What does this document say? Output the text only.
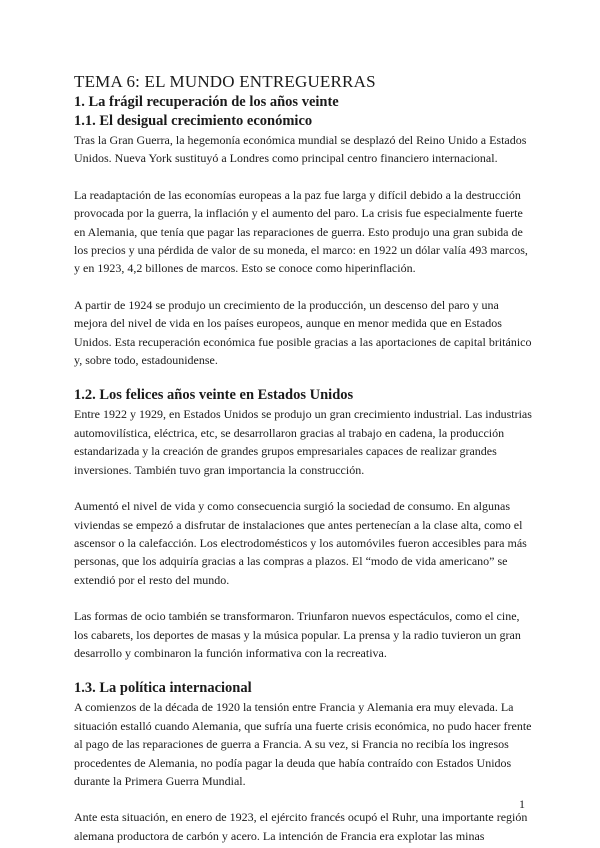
TEMA 6: EL MUNDO ENTREGUERRAS
1. La frágil recuperación de los años veinte
1.1. El desigual crecimiento económico

Tras la Gran Guerra, la hegemonía económica mundial se desplazó del Reino Unido a Estados Unidos. Nueva York sustituyó a Londres como principal centro financiero internacional.

La readaptación de las economías europeas a la paz fue larga y difícil debido a la destrucción provocada por la guerra, la inflación y el aumento del paro. La crisis fue especialmente fuerte en Alemania, que tenía que pagar las reparaciones de guerra. Esto produjo una gran subida de los precios y una pérdida de valor de su moneda, el marco: en 1922 un dólar valía 493 marcos, y en 1923, 4,2 billones de marcos. Esto se conoce como hiperinflación.

A partir de 1924 se produjo un crecimiento de la producción, un descenso del paro y una mejora del nivel de vida en los países europeos, aunque en menor medida que en Estados Unidos. Esta recuperación económica fue posible gracias a las aportaciones de capital británico y, sobre todo, estadounidense.

1.2. Los felices años veinte en Estados Unidos

Entre 1922 y 1929, en Estados Unidos se produjo un gran crecimiento industrial. Las industrias automovilística, eléctrica, etc, se desarrollaron gracias al trabajo en cadena, la producción estandarizada y la creación de grandes grupos empresariales capaces de realizar grandes inversiones. También tuvo gran importancia la construcción.

Aumentó el nivel de vida y como consecuencia surgió la sociedad de consumo. En algunas viviendas se empezó a disfrutar de instalaciones que antes pertenecían a la clase alta, como el ascensor o la calefacción. Los electrodomésticos y los automóviles fueron accesibles para más personas, que los adquiría gracias a las compras a plazos. El “modo de vida americano” se extendió por el resto del mundo.

Las formas de ocio también se transformaron. Triunfaron nuevos espectáculos, como el cine, los cabarets, los deportes de masas y la música popular. La prensa y la radio tuvieron un gran desarrollo y combinaron la función informativa con la recreativa.

1.3. La política internacional

A comienzos de la década de 1920 la tensión entre Francia y Alemania era muy elevada. La situación estalló cuando Alemania, que sufría una fuerte crisis económica, no pudo hacer frente al pago de las reparaciones de guerra a Francia. A su vez, si Francia no recibía los ingresos procedentes de Alemania, no podía pagar la deuda que había contraído con Estados Unidos durante la Primera Guerra Mundial.

Ante esta situación, en enero de 1923, el ejército francés ocupó el Ruhr, una importante región alemana productora de carbón y acero. La intención de Francia era explotar las minas

1
